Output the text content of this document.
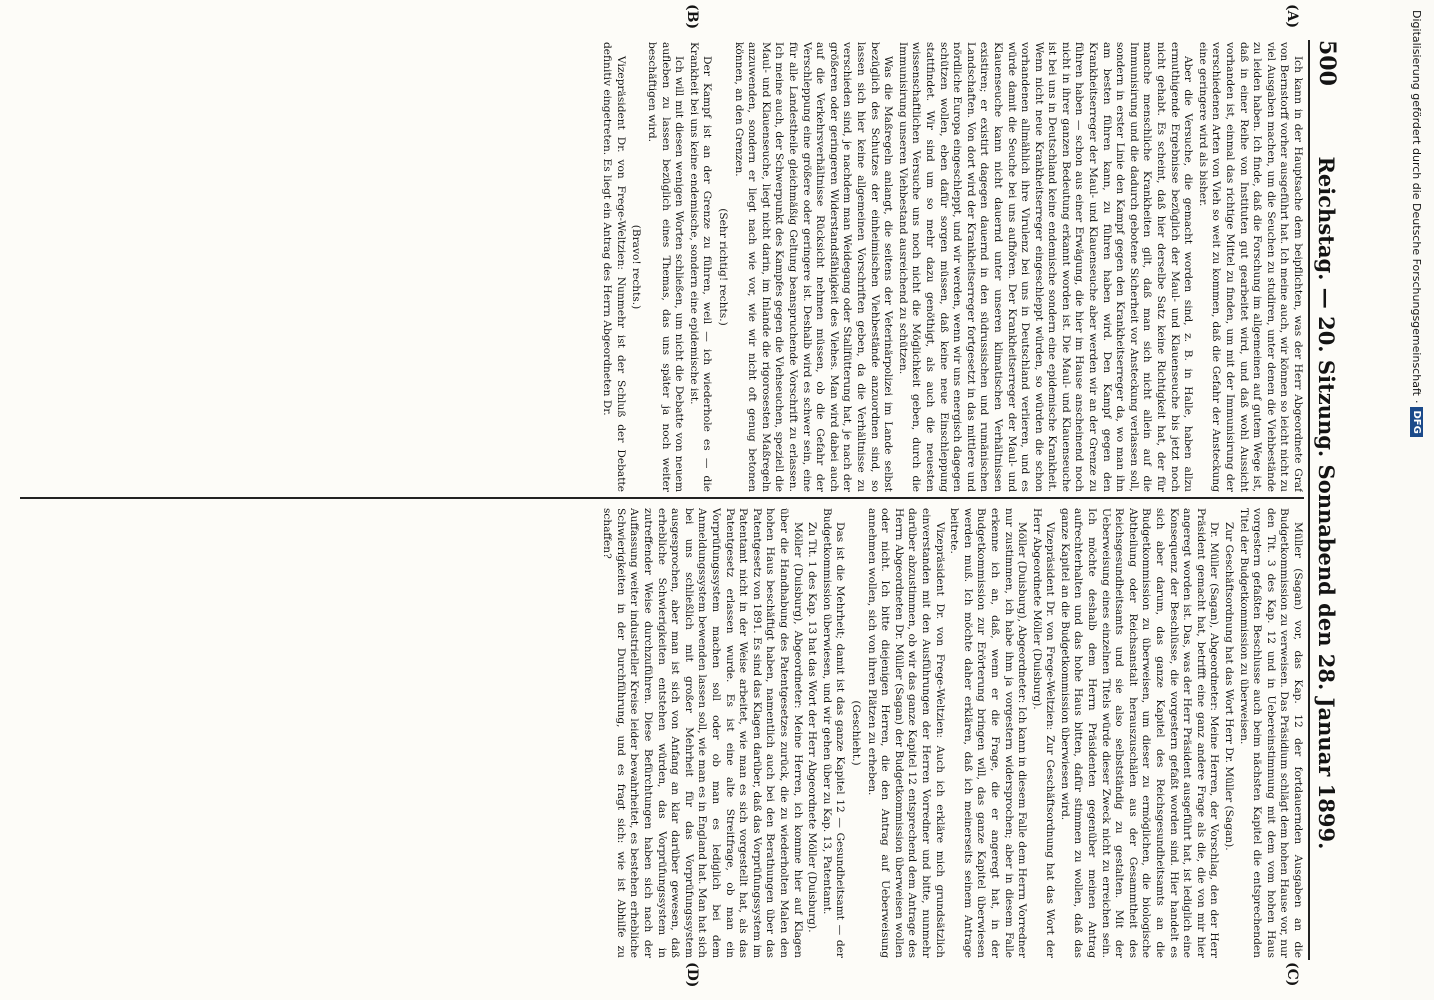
500
Reichstag. — 20. Sitzung. Sonnabend den 28. Januar 1899.
(A)
(B)
(C)
(D)

Ich kann in der Hauptsache dem beipflichten, was der Herr Abgeordnete Graf von Bernstorff vorher ausgeführt hat. Ich meine auch, wir können so leicht nicht zu viel Ausgaben machen, um die Seuchen zu studiren, unter denen die Viehbestände zu leiden haben. Ich finde, daß die Forschung im allgemeinen auf gutem Wege ist, daß in einer Reihe von Instituten gut gearbeitet wird, und daß wohl Aussicht vorhanden ist, einmal das richtige Mittel zu finden, um mit der Immunisirung der verschiedenen Arten von Vieh so weit zu kommen, daß die Gefahr der Ansteckung eine geringere wird als bisher.

Aber die Versuche, die gemacht worden sind, z. B. in Halle, haben allzu ermuthigende Ergebnisse bezüglich der Maul- und Klauenseuche bis jetzt noch nicht gehabt. Es scheint, daß hier derselbe Satz keine Richtigkeit hat, der für manche menschliche Krankheiten gilt, daß man sich nicht allein auf die Immunisirung und die dadurch gebotene Sicherheit vor Ansteckung verlassen soll, sondern in erster Linie den Kampf gegen den Krankheitserreger da, wo man ihn am besten führen kann, zu führen haben wird. Den Kampf gegen den Krankheitserreger der Maul- und Klauenseuche aber werden wir an der Grenze zu führen haben — schon aus einer Erwägung, die hier im Hause anscheinend noch nicht in ihrer ganzen Bedeutung erkannt worden ist. Die Maul- und Klauenseuche ist bei uns in Deutschland keine endemische sondern eine epidemische Krankheit. Wenn nicht neue Krankheitserreger eingeschleppt würden, so würden die schon vorhandenen allmählich ihre Virulenz bei uns in Deutschland verlieren, und es würde damit die Seuche bei uns aufhören. Der Krankheitserreger der Maul- und Klauenseuche kann nicht dauernd unter unseren klimatischen Verhältnissen existiren; er existirt dagegen dauernd in den südrussischen und rumänischen Landschaften. Von dort wird der Krankheitserreger fortgesetzt in das mittlere und nördliche Europa eingeschleppt, und wir werden, wenn wir uns energisch dagegen schützen wollen, eben dafür sorgen müssen, daß keine neue Einschleppung stattfindet. Wir sind um so mehr dazu genöthigt, als auch die neuesten wissenschaftlichen Versuche uns noch nicht die Möglichkeit geben, durch die Immunisirung unseren Viehbestand ausreichend zu schützen.

Was die Maßregeln anlangt, die seitens der Veterinärpolizei im Lande selbst bezüglich des Schutzes der einheimischen Viehbestände anzuordnen sind, so lassen sich hier keine allgemeinen Vorschriften geben, da die Verhältnisse zu verschieden sind, je nachdem man Weidegang oder Stallfütterung hat, je nach der größeren oder geringeren Widerstandsfähigkeit des Viehes. Man wird dabei auch auf die Verkehrsverhältnisse Rücksicht nehmen müssen, ob die Gefahr der Verschleppung eine größere oder geringere ist. Deshalb wird es schwer sein, eine für alle Landestheile gleichmäßig Geltung beanspruchende Vorschrift zu erlassen. Ich meine auch, der Schwerpunkt des Kampfes gegen die Viehseuchen, speziell die Maul- und Klauenseuche, liegt nicht darin, im Inlande die rigorosesten Maßregeln anzuwenden, sondern er liegt nach wie vor, wie wir nicht oft genug betonen können, an den Grenzen.

(Sehr richtig! rechts.)

Der Kampf ist an der Grenze zu führen, weil — ich wiederhole es — die Krankheit bei uns keine endemische, sondern eine epidemische ist.

Ich will mit diesen wenigen Worten schließen, um nicht die Debatte von neuem aufleben zu lassen bezüglich eines Themas, das uns später ja noch weiter beschäftigen wird.

(Bravo! rechts.)

Vizepräsident Dr. von Frege-Weltzien: Nunmehr ist der Schluß der Debatte definitiv eingetreten. Es liegt ein Antrag des Herrn Abgeordneten Dr.

Müller (Sagan) vor, das Kap. 12 der fortdauernden Ausgaben an die Budgetkommission zu verweisen. Das Präsidium schlägt dem hohen Hause vor, nur den Tit. 3 des Kap. 12 und in Uebereinstimmung mit dem vom hohen Haus vorgestern gefaßten Beschlusse auch beim nächsten Kapitel die entsprechenden Titel der Budgetkommission zu überweisen.

Zur Geschäftsordnung hat das Wort Herr Dr. Müller (Sagan).

Dr. Müller (Sagan), Abgeordneter: Meine Herren, der Vorschlag, den der Herr Präsident gemacht hat, betrifft eine ganz andere Frage als die, die von mir hier angeregt worden ist. Das, was der Herr Präsident ausgeführt hat, ist lediglich eine Konsequenz der Beschlüsse, die vorgestern gefaßt worden sind. Hier handelt es sich aber darum, das ganze Kapitel des Reichsgesundheitsamts an die Budgetkommission zu überweisen, um dieser zu ermöglichen, die biologische Abtheilung oder Reichsanstalt herauszuschälen aus der Gesammtheit des Reichsgesundheitsamts und sie also selbstständig zu gestalten. Mit der Ueberweisung eines einzelnen Titels würde dieser Zweck nicht zu erreichen sein. Ich möchte deshalb dem Herrn Präsidenten gegenüber meinen Antrag aufrechterhalten und das hohe Haus bitten, dafür stimmen zu wollen, daß das ganze Kapitel an die Budgetkommission überwiesen wird.

Vizepräsident Dr. von Frege-Weltzien: Zur Geschäftsordnung hat das Wort der Herr Abgeordnete Möller (Duisburg).

Möller (Duisburg), Abgeordneter: Ich kann in diesem Falle dem Herrn Vorredner nur zustimmen, ich habe ihm ja vorgestern widersprochen; aber in diesem Falle erkenne ich an, daß, wenn er die Frage, die er angeregt hat, in der Budgetkommission zur Erörterung bringen will, das ganze Kapitel überwiesen werden muß. Ich möchte daher erklären, daß ich meinerseits seinem Antrage beitrete.

Vizepräsident Dr. von Frege-Weltzien: Auch ich erkläre mich grundsätzlich einverstanden mit den Ausführungen der Herren Vorredner und bitte, nunmehr darüber abzustimmen, ob wir das ganze Kapitel 12 entsprechend dem Antrage des Herrn Abgeordneten Dr. Müller (Sagan) der Budgetkommission überweisen wollen oder nicht. Ich bitte diejenigen Herren, die den Antrag auf Ueberweisung annehmen wollen, sich von ihren Plätzen zu erheben.

(Geschieht.)

Das ist die Mehrheit; damit ist das ganze Kapitel 12 — Gesundheitsamt — der Budgetkommission überwiesen, und wir gehen über zu Kap. 13, Patentamt.

Zu Tit. 1 des Kap. 13 hat das Wort der Herr Abgeordnete Möller (Duisburg).

Möller (Duisburg), Abgeordneter: Meine Herren, ich komme hier auf Klagen über die Handhabung des Patentgesetzes zurück, die zu wiederholten Malen den hohen Haus beschäftigt haben, namentlich auch bei den Berathungen über das Patentgesetz von 1891. Es sind das Klagen darüber, daß das Vorprüfungssystem im Patentamt nicht in der Weise arbeitet, wie man es sich vorgestellt hat, als das Patentgesetz erlassen wurde. Es ist eine alte Streitfrage, ob man ein Vorprüfungssystem machen soll oder ob man es lediglich bei dem Anmeldungssystem bewenden lassen soll, wie man es in England hat. Man hat sich bei uns schließlich mit großer Mehrheit für das Vorprüfungssystem ausgesprochen, aber man ist sich von Anfang an klar darüber gewesen, daß erhebliche Schwierigkeiten entstehen würden, das Vorprüfungssystem in zutreffender Weise durchzuführen. Diese Befürchtungen haben sich nach der Auffassung weiter industrieller Kreise leider bewahrheitet, es bestehen erhebliche Schwierigkeiten in der Durchführung, und es fragt sich: wie ist Abhilfe zu schaffen?

Digitalisierung gefördert durch die Deutsche Forschungsgemeinschaft
·
DFG
